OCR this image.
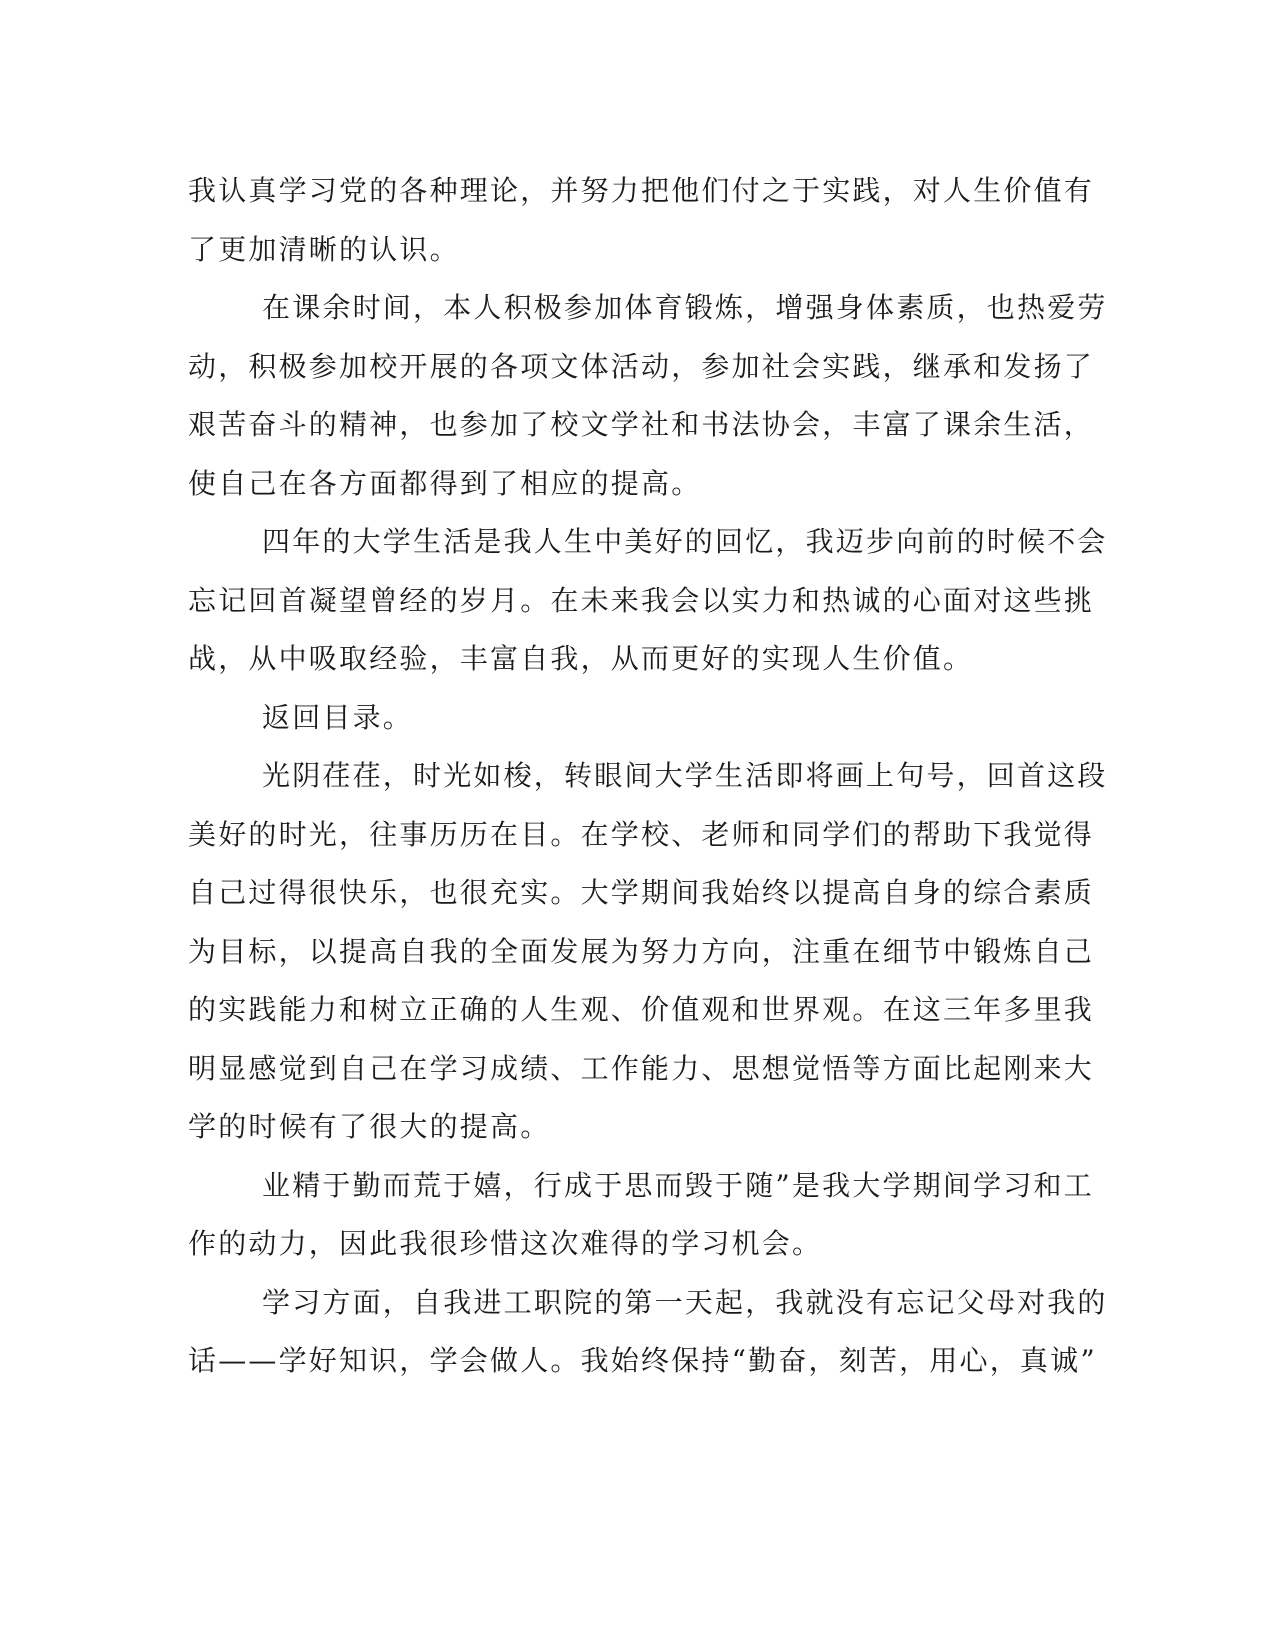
我认真学习党的各种理论，并努力把他们付之于实践，对人生价值有
了更加清晰的认识。
在课余时间，本人积极参加体育锻炼，增强身体素质，也热爱劳
动，积极参加校开展的各项文体活动，参加社会实践，继承和发扬了
艰苦奋斗的精神，也参加了校文学社和书法协会，丰富了课余生活，
使自己在各方面都得到了相应的提高。
四年的大学生活是我人生中美好的回忆，我迈步向前的时候不会
忘记回首凝望曾经的岁月。在未来我会以实力和热诚的心面对这些挑
战，从中吸取经验，丰富自我，从而更好的实现人生价值。
返回目录。
光阴荏荏，时光如梭，转眼间大学生活即将画上句号，回首这段
美好的时光，往事历历在目。在学校、老师和同学们的帮助下我觉得
自己过得很快乐，也很充实。大学期间我始终以提高自身的综合素质
为目标，以提高自我的全面发展为努力方向，注重在细节中锻炼自己
的实践能力和树立正确的人生观、价值观和世界观。在这三年多里我
明显感觉到自己在学习成绩、工作能力、思想觉悟等方面比起刚来大
学的时候有了很大的提高。
业精于勤而荒于嬉，行成于思而毁于随”是我大学期间学习和工
作的动力，因此我很珍惜这次难得的学习机会。
学习方面，自我进工职院的第一天起，我就没有忘记父母对我的
话——学好知识，学会做人。我始终保持“勤奋，刻苦，用心，真诚”
